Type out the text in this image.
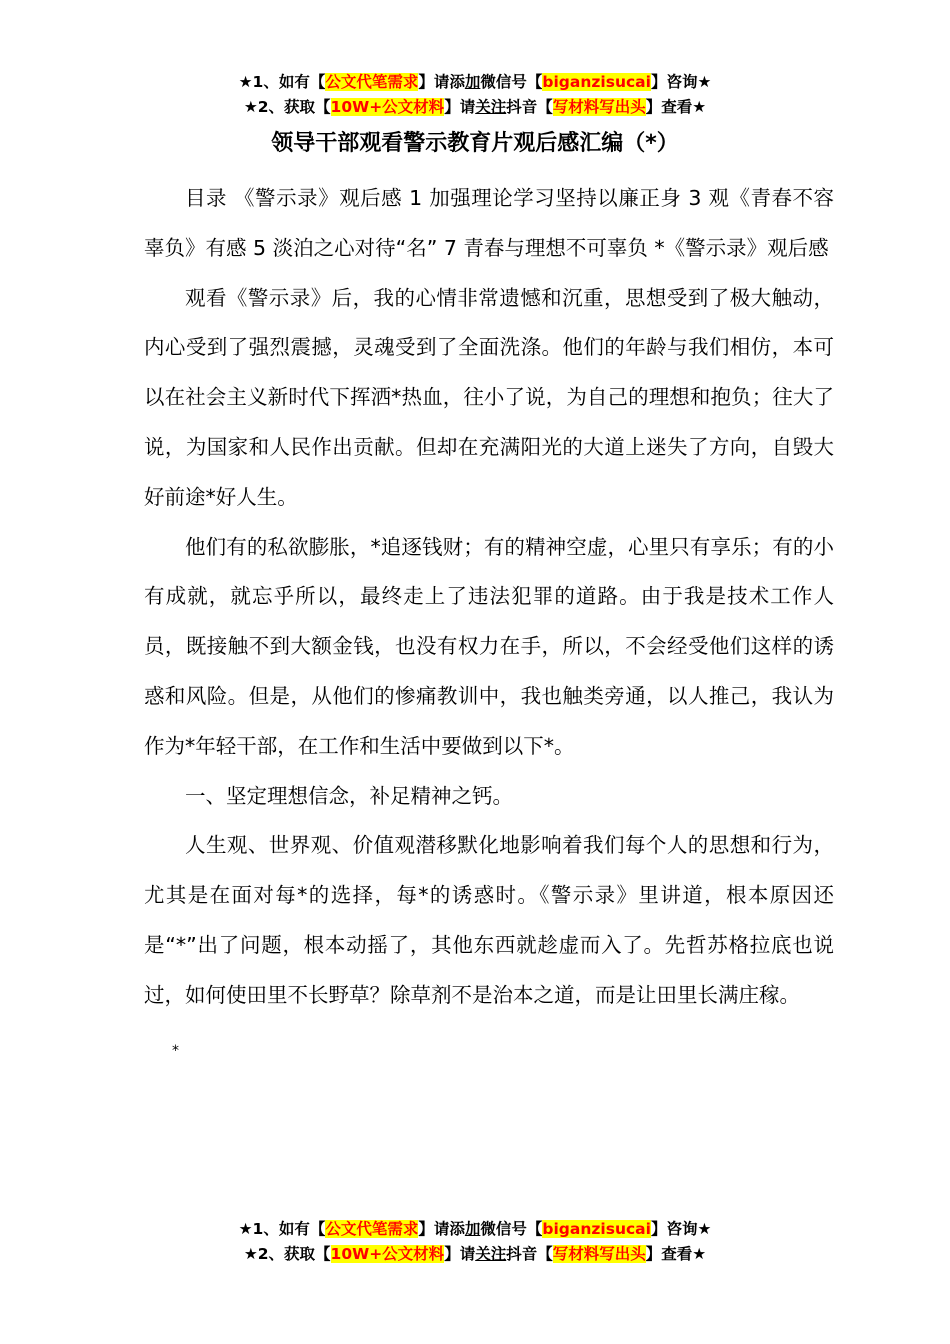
★1、如有【公文代笔需求】请添加微信号【biganzisucai】咨询★
★2、获取【10W+公文材料】请关注抖音【写材料写出头】查看★
领导干部观看警示教育片观后感汇编（*）

目录 《警示录》观后感 1 加强理论学习坚持以廉正身 3 观《青春不容辜负》有感 5 淡泊之心对待“名” 7 青春与理想不可辜负 *《警示录》观后感

观看《警示录》后，我的心情非常遗憾和沉重，思想受到了极大触动，内心受到了强烈震撼，灵魂受到了全面洗涤。他们的年龄与我们相仿，本可以在社会主义新时代下挥洒*热血，往小了说，为自己的理想和抱负；往大了说，为国家和人民作出贡献。但却在充满阳光的大道上迷失了方向，自毁大好前途*好人生。

他们有的私欲膨胀，*追逐钱财；有的精神空虚，心里只有享乐；有的小有成就，就忘乎所以，最终走上了违法犯罪的道路。由于我是技术工作人员，既接触不到大额金钱，也没有权力在手，所以，不会经受他们这样的诱惑和风险。但是，从他们的惨痛教训中，我也触类旁通，以人推己，我认为作为*年轻干部，在工作和生活中要做到以下*。

一、坚定理想信念，补足精神之钙。

人生观、世界观、价值观潜移默化地影响着我们每个人的思想和行为，尤其是在面对每*的选择，每*的诱惑时。《警示录》里讲道，根本原因还是“*”出了问题，根本动摇了，其他东西就趁虚而入了。先哲苏格拉底也说过，如何使田里不长野草？除草剂不是治本之道，而是让田里长满庄稼。

*

★1、如有【公文代笔需求】请添加微信号【biganzisucai】咨询★
★2、获取【10W+公文材料】请关注抖音【写材料写出头】查看★
